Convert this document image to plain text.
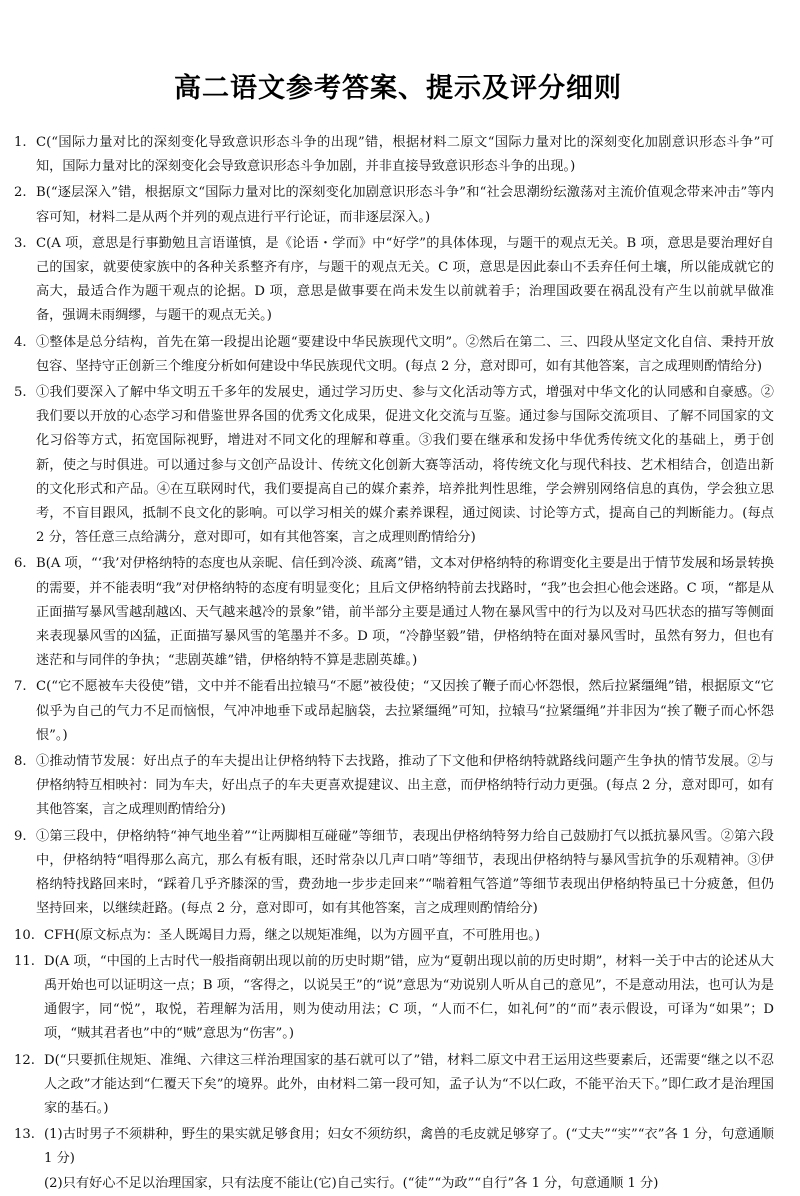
高二语文参考答案、提示及评分细则
1. C(“国际力量对比的深刻变化导致意识形态斗争的出现”错，根据材料二原文“国际力量对比的深刻变化加剧意识形态斗争”可知，国际力量对比的深刻变化会导致意识形态斗争加剧，并非直接导致意识形态斗争的出现。)
2. B(“逐层深入”错，根据原文“国际力量对比的深刻变化加剧意识形态斗争”和“社会思潮纷纭激荡对主流价值观念带来冲击”等内容可知，材料二是从两个并列的观点进行平行论证，而非逐层深入。)
3. C(A 项，意思是行事勤勉且言语谨慎，是《论语・学而》中“好学”的具体体现，与题干的观点无关。B 项，意思是要治理好自己的国家，就要使家族中的各种关系整齐有序，与题干的观点无关。C 项，意思是因此泰山不丢弃任何土壤，所以能成就它的高大，最适合作为题干观点的论据。D 项，意思是做事要在尚未发生以前就着手；治理国政要在祸乱没有产生以前就早做准备，强调未雨绸缪，与题干的观点无关。)
4. ①整体是总分结构，首先在第一段提出论题“要建设中华民族现代文明”。②然后在第二、三、四段从坚定文化自信、秉持开放包容、坚持守正创新三个维度分析如何建设中华民族现代文明。(每点 2 分，意对即可，如有其他答案，言之成理则酌情给分)
5. ①我们要深入了解中华文明五千多年的发展史，通过学习历史、参与文化活动等方式，增强对中华文化的认同感和自豪感。②我们要以开放的心态学习和借鉴世界各国的优秀文化成果，促进文化交流与互鉴。通过参与国际交流项目、了解不同国家的文化习俗等方式，拓宽国际视野，增进对不同文化的理解和尊重。③我们要在继承和发扬中华优秀传统文化的基础上，勇于创新，使之与时俱进。可以通过参与文创产品设计、传统文化创新大赛等活动，将传统文化与现代科技、艺术相结合，创造出新的文化形式和产品。④在互联网时代，我们要提高自己的媒介素养，培养批判性思维，学会辨别网络信息的真伪，学会独立思考，不盲目跟风，抵制不良文化的影响。可以学习相关的媒介素养课程，通过阅读、讨论等方式，提高自己的判断能力。(每点 2 分，答任意三点给满分，意对即可，如有其他答案，言之成理则酌情给分)
6. B(A 项，“‘我’对伊格纳特的态度也从亲昵、信任到冷淡、疏离”错，文本对伊格纳特的称谓变化主要是出于情节发展和场景转换的需要，并不能表明“我”对伊格纳特的态度有明显变化；且后文伊格纳特前去找路时，“我”也会担心他会迷路。C 项，“都是从正面描写暴风雪越刮越凶、天气越来越冷的景象”错，前半部分主要是通过人物在暴风雪中的行为以及对马匹状态的描写等侧面来表现暴风雪的凶猛，正面描写暴风雪的笔墨并不多。D 项，“冷静坚毅”错，伊格纳特在面对暴风雪时，虽然有努力，但也有迷茫和与同伴的争执；“悲剧英雄”错，伊格纳特不算是悲剧英雄。)
7. C(“它不愿被车夫役使”错，文中并不能看出拉辕马“不愿”被役使；“又因挨了鞭子而心怀怨恨，然后拉紧缰绳”错，根据原文“它似乎为自己的气力不足而恼恨，气冲冲地垂下或昂起脑袋，去拉紧缰绳”可知，拉辕马“拉紧缰绳”并非因为“挨了鞭子而心怀怨恨”。)
8. ①推动情节发展：好出点子的车夫提出让伊格纳特下去找路，推动了下文他和伊格纳特就路线问题产生争执的情节发展。②与伊格纳特互相映衬：同为车夫，好出点子的车夫更喜欢提建议、出主意，而伊格纳特行动力更强。(每点 2 分，意对即可，如有其他答案，言之成理则酌情给分)
9. ①第三段中，伊格纳特“神气地坐着”“让两脚相互碰碰”等细节，表现出伊格纳特努力给自己鼓励打气以抵抗暴风雪。②第六段中，伊格纳特“唱得那么高亢，那么有板有眼，还时常杂以几声口哨”等细节，表现出伊格纳特与暴风雪抗争的乐观精神。③伊格纳特找路回来时，“踩着几乎齐膝深的雪，费劲地一步步走回来”“喘着粗气答道”等细节表现出伊格纳特虽已十分疲惫，但仍坚持回来，以继续赶路。(每点 2 分，意对即可，如有其他答案，言之成理则酌情给分)
10. CFH(原文标点为：圣人既竭目力焉，继之以规矩准绳，以为方圆平直，不可胜用也。)
11. D(A 项，“中国的上古时代一般指商朝出现以前的历史时期”错，应为“夏朝出现以前的历史时期”，材料一关于中古的论述从大禹开始也可以证明这一点；B 项，“客得之，以说吴王”的“说”意思为“劝说别人听从自己的意见”，不是意动用法，也可认为是通假字，同“悦”，取悦，若理解为活用，则为使动用法；C 项，“人而不仁，如礼何”的“而”表示假设，可译为“如果”；D 项，“贼其君者也”中的“贼”意思为“伤害”。)
12. D(“只要抓住规矩、准绳、六律这三样治理国家的基石就可以了”错，材料二原文中君王运用这些要素后，还需要“继之以不忍人之政”才能达到“仁覆天下矣”的境界。此外，由材料二第一段可知，孟子认为“不以仁政，不能平治天下。”即仁政才是治理国家的基石。)
13. (1)古时男子不须耕种，野生的果实就足够食用；妇女不须纺织，禽兽的毛皮就足够穿了。(“丈夫”“实”“衣”各 1 分，句意通顺 1 分)
(2)只有好心不足以治理国家，只有法度不能让(它)自己实行。(“徒”“为政”“自行”各 1 分，句意通顺 1 分)
